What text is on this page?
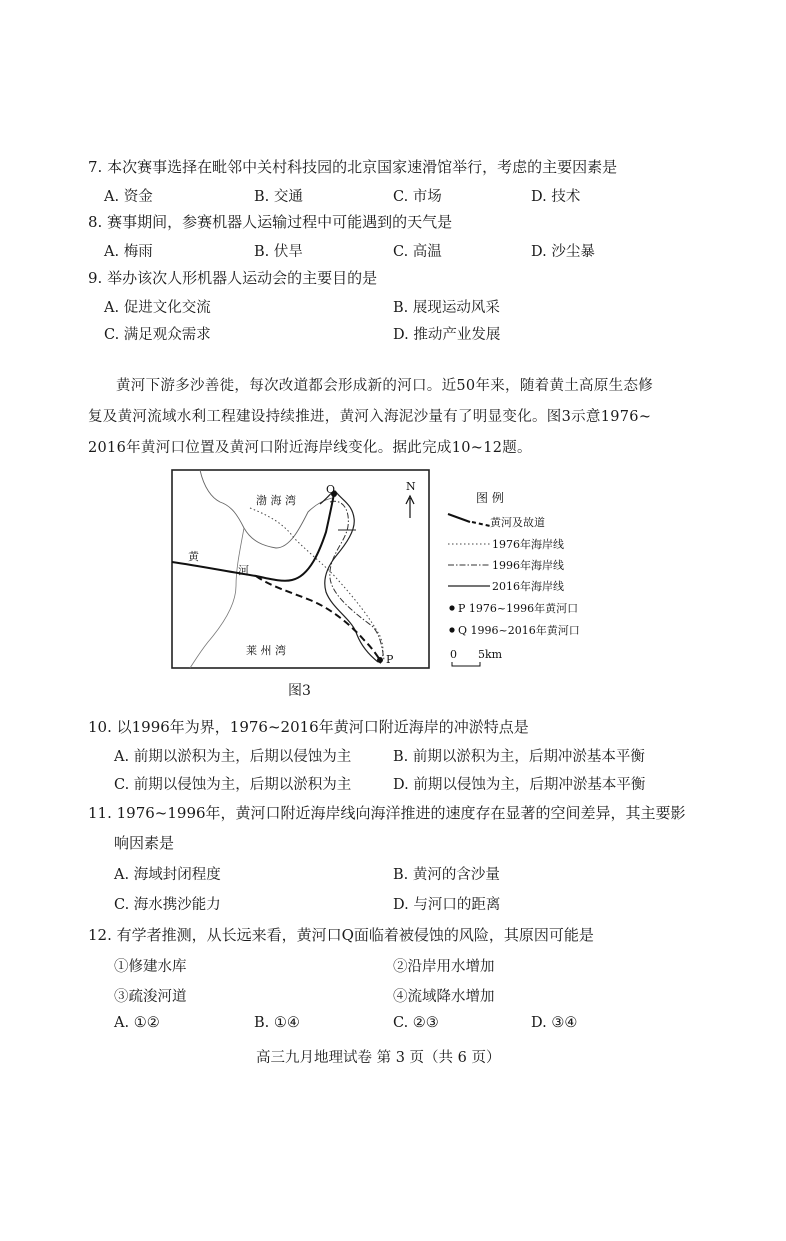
7. 本次赛事选择在毗邻中关村科技园的北京国家速滑馆举行，考虑的主要因素是
A. 资金	B. 交通	C. 市场	D. 技术
8. 赛事期间，参赛机器人运输过程中可能遇到的天气是
A. 梅雨	B. 伏旱	C. 高温	D. 沙尘暴
9. 举办该次人形机器人运动会的主要目的是
A. 促进文化交流	B. 展现运动风采
C. 满足观众需求	D. 推动产业发展
黄河下游多沙善徙，每次改道都会形成新的河口。近50年来，随着黄土高原生态修
复及黄河流域水利工程建设持续推进，黄河入海泥沙量有了明显变化。图3示意1976~
2016年黄河口位置及黄河口附近海岸线变化。据此完成10~12题。
Q
P
渤 海 湾
莱 州 湾
黄
河
N
图 例
黄河及故道
1976年海岸线
1996年海岸线
2016年海岸线
P 1976~1996年黄河口
Q 1996~2016年黄河口
0 5km
图3
10. 以1996年为界，1976~2016年黄河口附近海岸的冲淤特点是
A. 前期以淤积为主，后期以侵蚀为主	B. 前期以淤积为主，后期冲淤基本平衡
C. 前期以侵蚀为主，后期以淤积为主	D. 前期以侵蚀为主，后期冲淤基本平衡
11. 1976~1996年，黄河口附近海岸线向海洋推进的速度存在显著的空间差异，其主要影
响因素是
A. 海域封闭程度	B. 黄河的含沙量
C. 海水携沙能力	D. 与河口的距离
12. 有学者推测，从长远来看，黄河口Q面临着被侵蚀的风险，其原因可能是
①修建水库	②沿岸用水增加
③疏浚河道	④流域降水增加
A. ①②	B. ①④	C. ②③	D. ③④
高三九月地理试卷 第 3 页（共 6 页）
